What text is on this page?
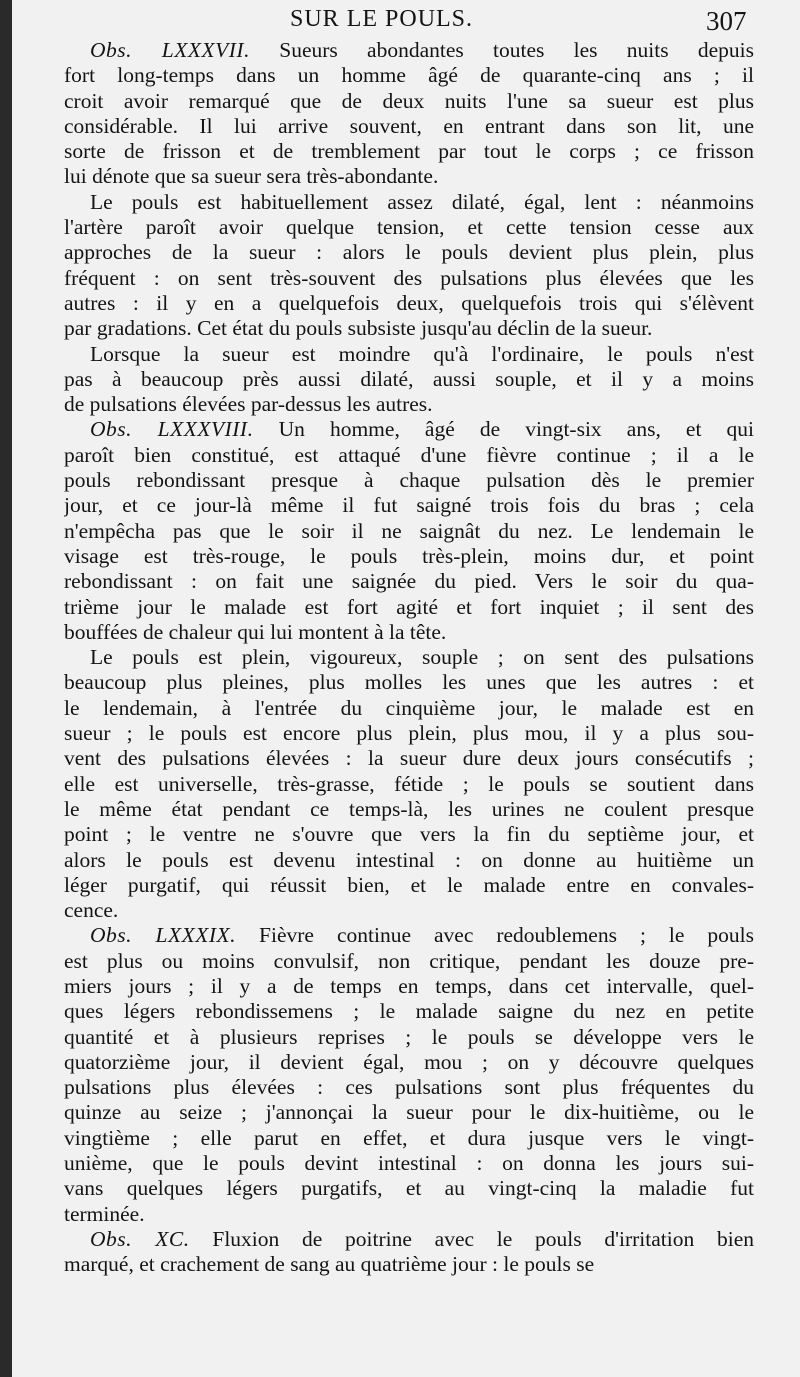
SUR LE POULS.	307
Obs. LXXXVII. Sueurs abondantes toutes les nuits depuis
fort long-temps dans un homme âgé de quarante-cinq ans ; il
croit avoir remarqué que de deux nuits l'une sa sueur est plus
considérable. Il lui arrive souvent, en entrant dans son lit, une
sorte de frisson et de tremblement par tout le corps ; ce frisson
lui dénote que sa sueur sera très-abondante.
Le pouls est habituellement assez dilaté, égal, lent : néanmoins
l'artère paroît avoir quelque tension, et cette tension cesse aux
approches de la sueur : alors le pouls devient plus plein, plus
fréquent : on sent très-souvent des pulsations plus élevées que les
autres : il y en a quelquefois deux, quelquefois trois qui s'élèvent
par gradations. Cet état du pouls subsiste jusqu'au déclin de la sueur.
Lorsque la sueur est moindre qu'à l'ordinaire, le pouls n'est
pas à beaucoup près aussi dilaté, aussi souple, et il y a moins
de pulsations élevées par-dessus les autres.
Obs. LXXXVIII. Un homme, âgé de vingt-six ans, et qui
paroît bien constitué, est attaqué d'une fièvre continue ; il a le
pouls rebondissant presque à chaque pulsation dès le premier
jour, et ce jour-là même il fut saigné trois fois du bras ; cela
n'empêcha pas que le soir il ne saignât du nez. Le lendemain le
visage est très-rouge, le pouls très-plein, moins dur, et point
rebondissant : on fait une saignée du pied. Vers le soir du qua-
trième jour le malade est fort agité et fort inquiet ; il sent des
bouffées de chaleur qui lui montent à la tête.
Le pouls est plein, vigoureux, souple ; on sent des pulsations
beaucoup plus pleines, plus molles les unes que les autres : et
le lendemain, à l'entrée du cinquième jour, le malade est en
sueur ; le pouls est encore plus plein, plus mou, il y a plus sou-
vent des pulsations élevées : la sueur dure deux jours consécutifs ;
elle est universelle, très-grasse, fétide ; le pouls se soutient dans
le même état pendant ce temps-là, les urines ne coulent presque
point ; le ventre ne s'ouvre que vers la fin du septième jour, et
alors le pouls est devenu intestinal : on donne au huitième un
léger purgatif, qui réussit bien, et le malade entre en convales-
cence.
Obs. LXXXIX. Fièvre continue avec redoublemens ; le pouls
est plus ou moins convulsif, non critique, pendant les douze pre-
miers jours ; il y a de temps en temps, dans cet intervalle, quel-
ques légers rebondissemens ; le malade saigne du nez en petite
quantité et à plusieurs reprises ; le pouls se développe vers le
quatorzième jour, il devient égal, mou ; on y découvre quelques
pulsations plus élevées : ces pulsations sont plus fréquentes du
quinze au seize ; j'annonçai la sueur pour le dix-huitième, ou le
vingtième ; elle parut en effet, et dura jusque vers le vingt-
unième, que le pouls devint intestinal : on donna les jours sui-
vans quelques légers purgatifs, et au vingt-cinq la maladie fut
terminée.
Obs. XC. Fluxion de poitrine avec le pouls d'irritation bien
marqué, et crachement de sang au quatrième jour : le pouls se
